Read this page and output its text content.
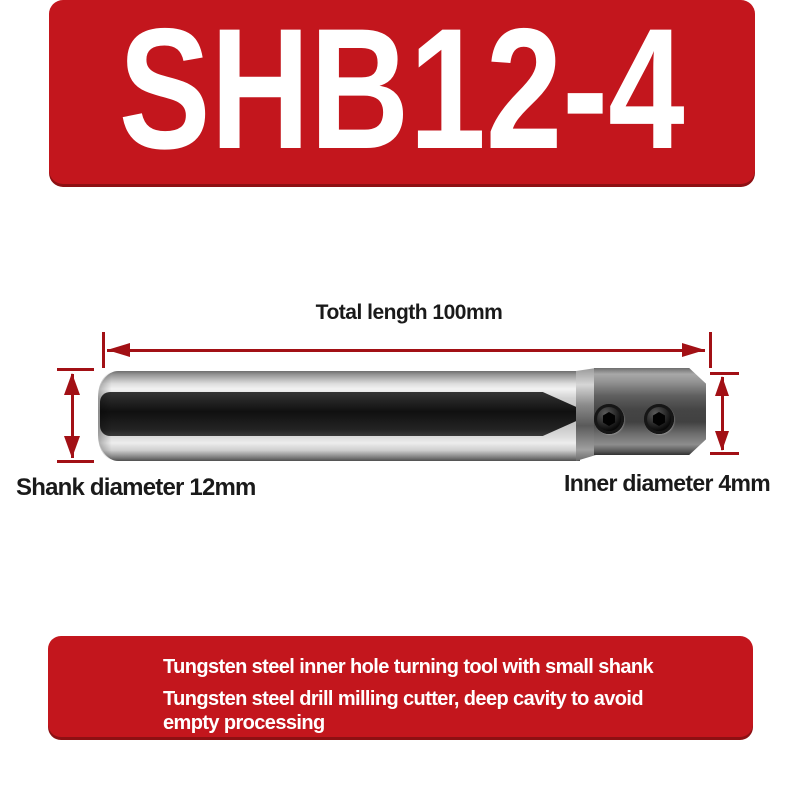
SHB12-4
Total length 100mm
Shank diameter 12mm	Inner diameter 4mm

Tungsten steel inner hole turning tool with small shank

Tungsten steel drill milling cutter, deep cavity to avoid empty processing
